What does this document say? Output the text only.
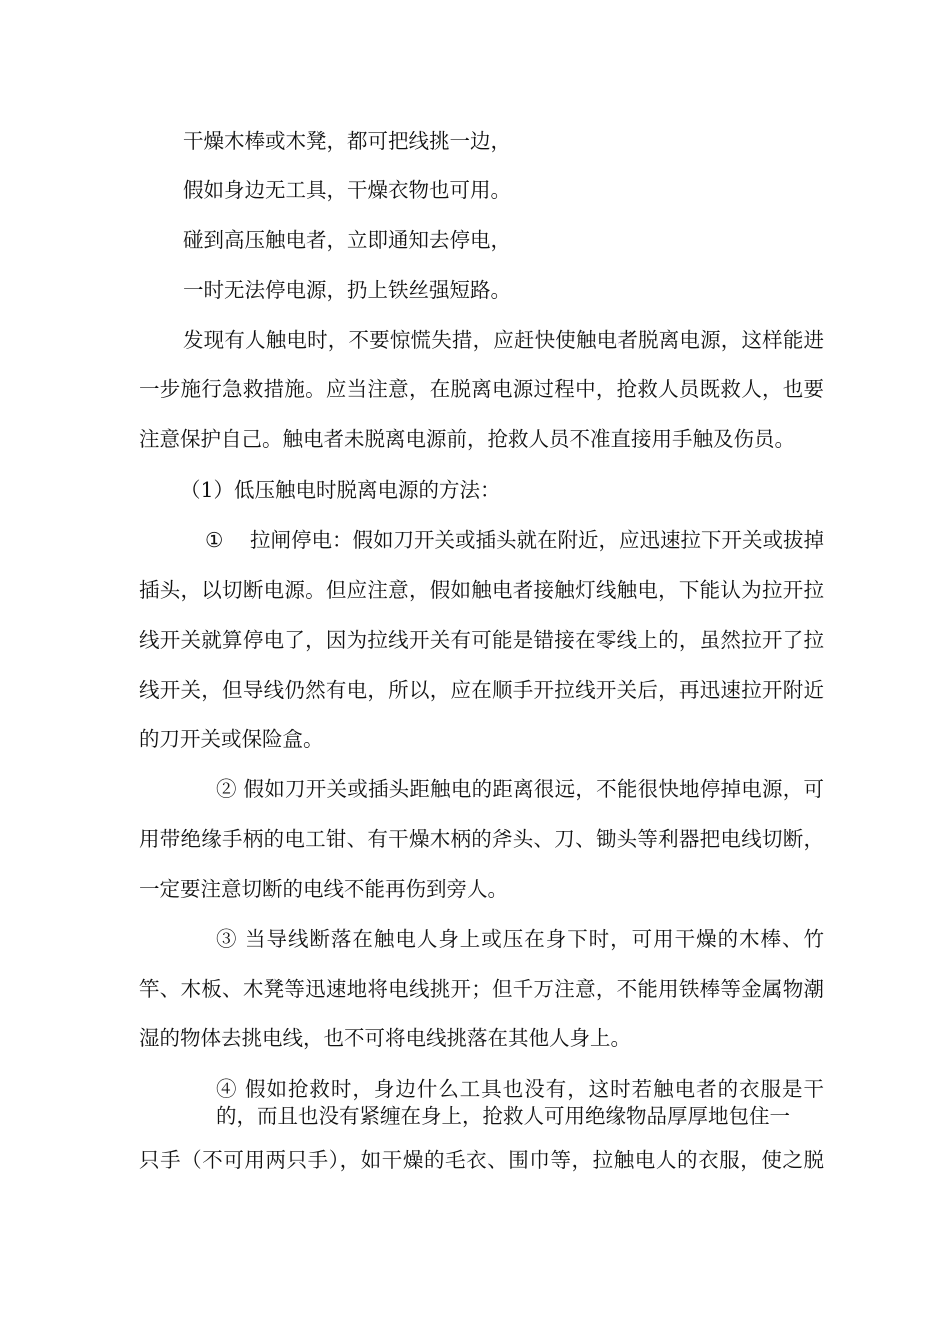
干燥木棒或木凳，都可把线挑一边，
假如身边无工具，干燥衣物也可用。
碰到高压触电者，立即通知去停电，
一时无法停电源，扔上铁丝强短路。
发现有人触电时，不要惊慌失措，应赶快使触电者脱离电源，这样能进
一步施行急救措施。应当注意，在脱离电源过程中，抢救人员既救人，也要
注意保护自己。触电者未脱离电源前，抢救人员不准直接用手触及伤员。
（1）低压触电时脱离电源的方法：
① 拉闸停电：假如刀开关或插头就在附近，应迅速拉下开关或拔掉
插头，以切断电源。但应注意，假如触电者接触灯线触电，下能认为拉开拉
线开关就算停电了，因为拉线开关有可能是错接在零线上的，虽然拉开了拉
线开关，但导线仍然有电，所以，应在顺手开拉线开关后，再迅速拉开附近
的刀开关或保险盒。
② 假如刀开关或插头距触电的距离很远，不能很快地停掉电源，可
用带绝缘手柄的电工钳、有干燥木柄的斧头、刀、锄头等利器把电线切断，
一定要注意切断的电线不能再伤到旁人。
③ 当导线断落在触电人身上或压在身下时，可用干燥的木棒、竹
竿、木板、木凳等迅速地将电线挑开；但千万注意，不能用铁棒等金属物潮
湿的物体去挑电线，也不可将电线挑落在其他人身上。
④ 假如抢救时，身边什么工具也没有，这时若触电者的衣服是干
的，而且也没有紧缠在身上，抢救人可用绝缘物品厚厚地包住一
只手（不可用两只手），如干燥的毛衣、围巾等，拉触电人的衣服，使之脱
